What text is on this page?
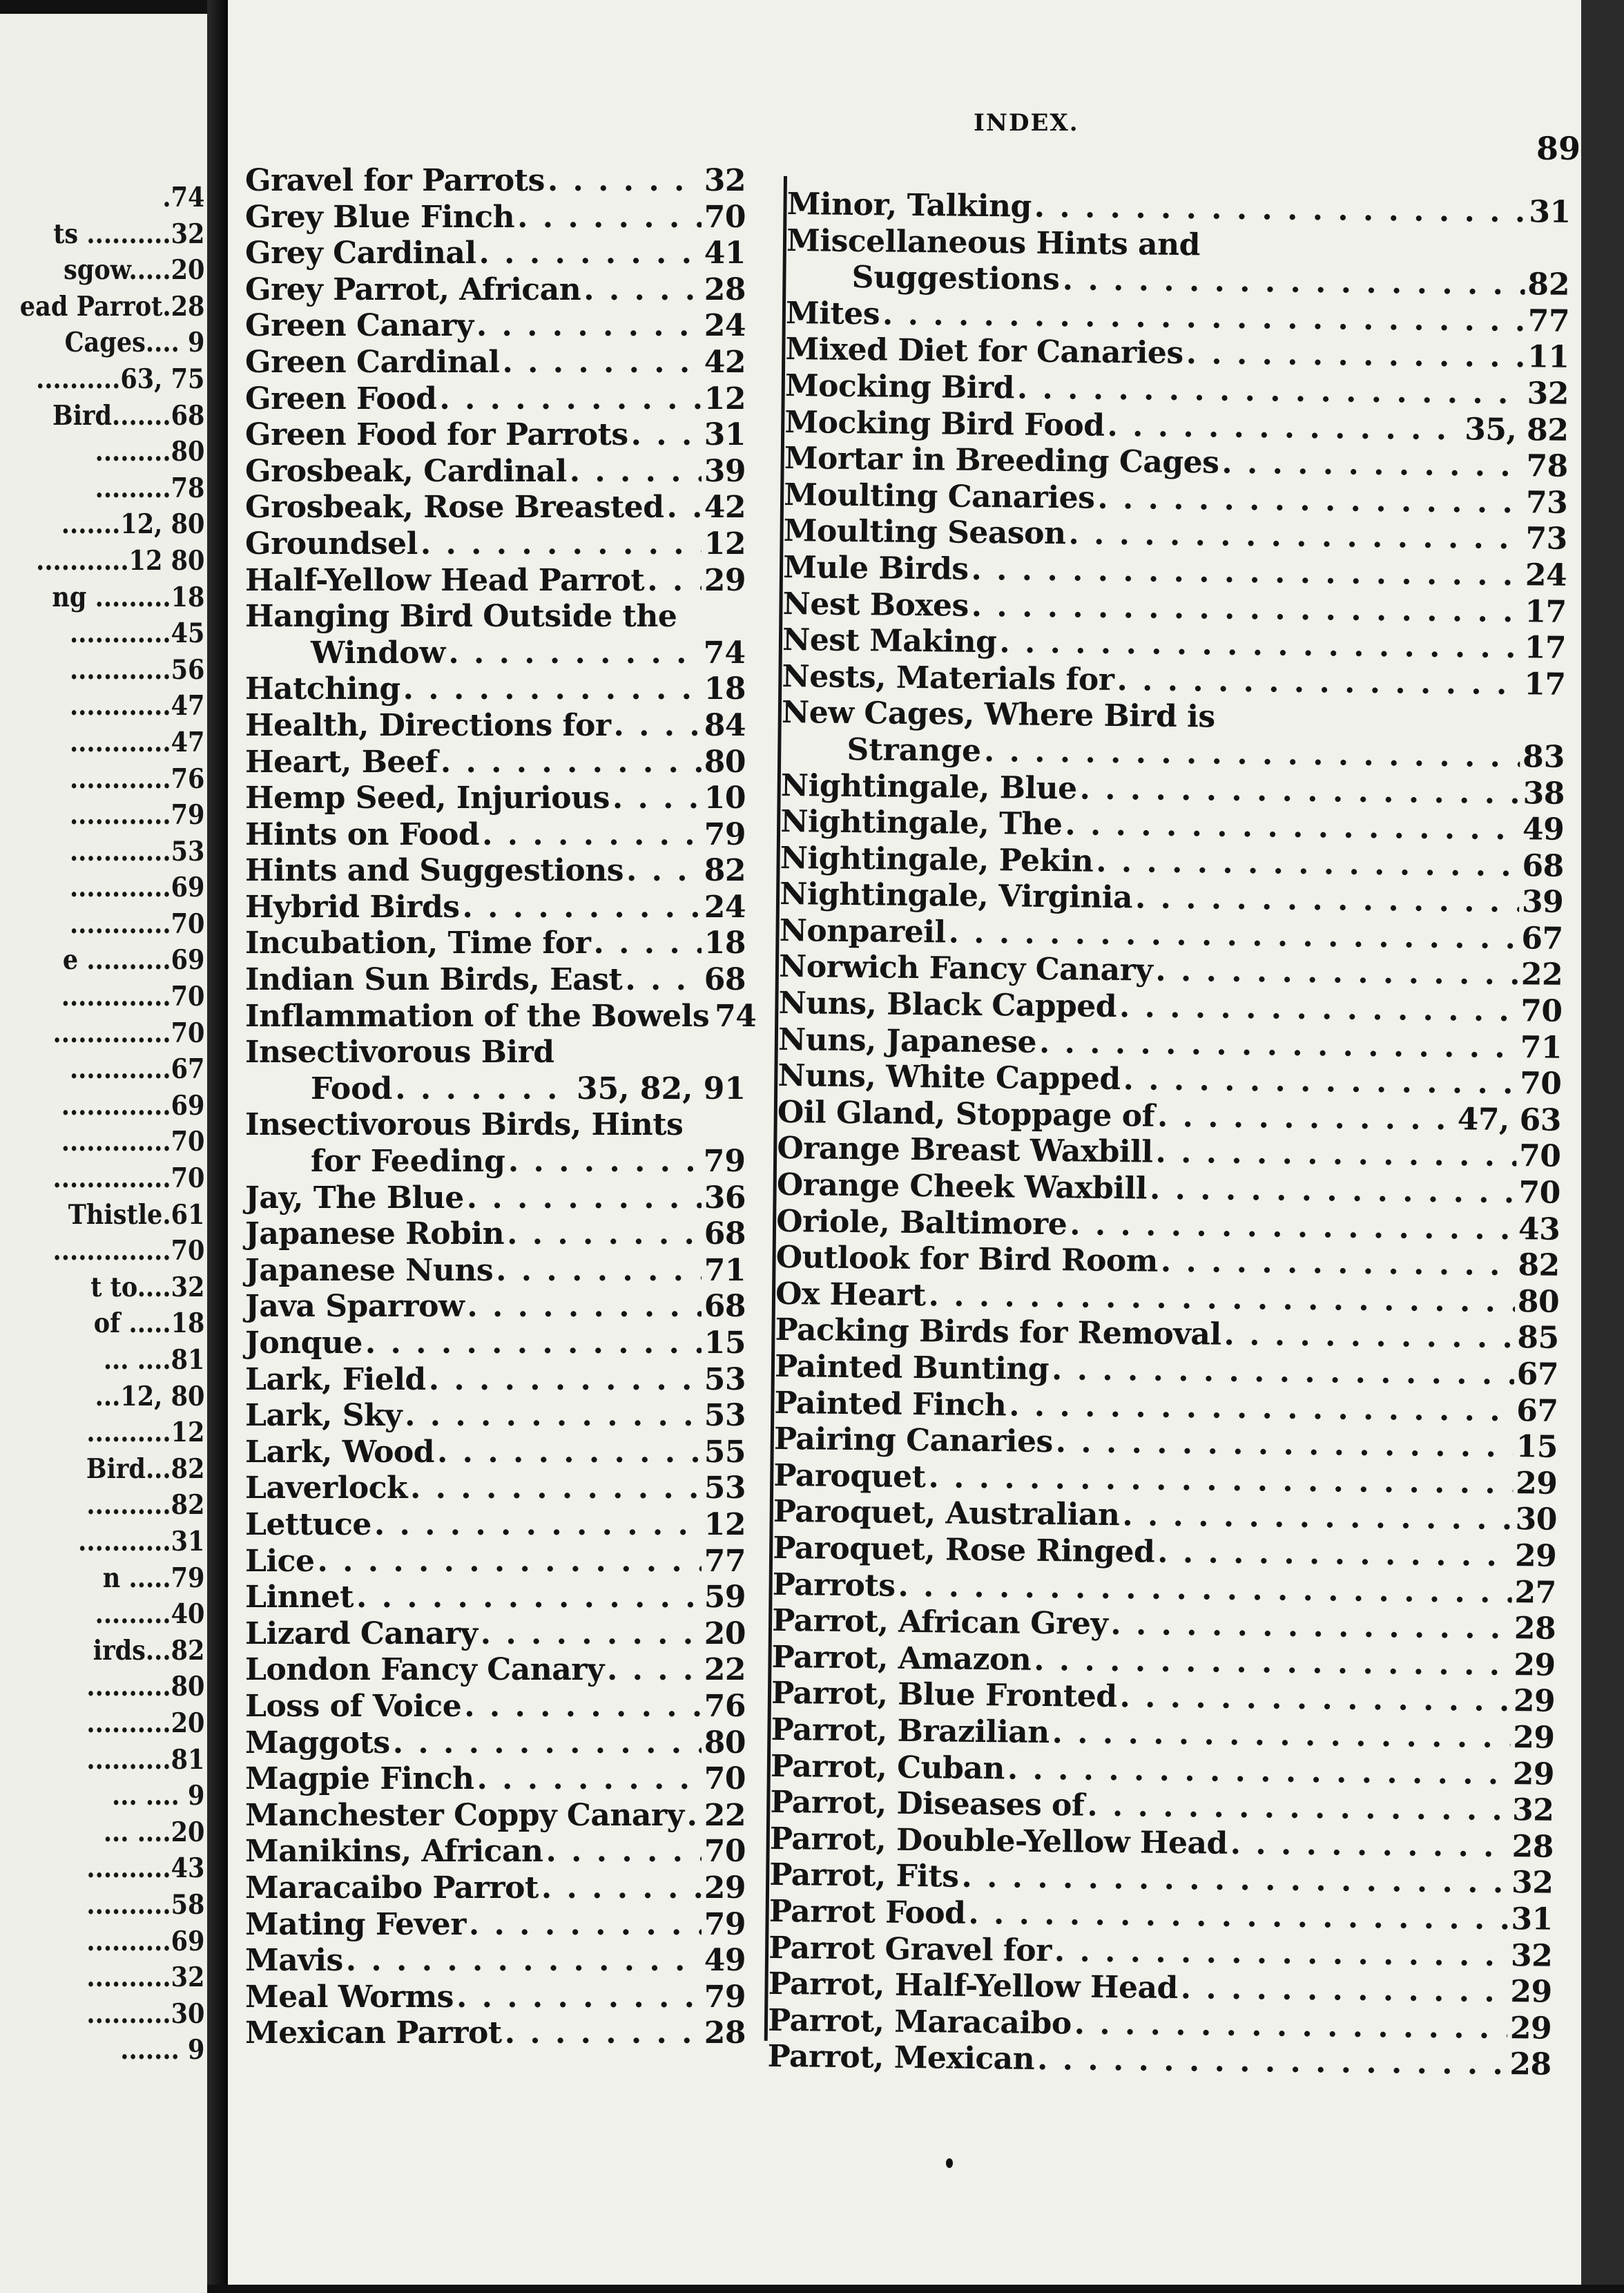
.74
ts ..........32
sgow.....20
ead Parrot.28
Cages.... 9
..........63, 75
Bird.......68
.........80
.........78
.......12, 80
...........12 80
ng .........18
............45
............56
............47
............47
............76
............79
............53
............69
............70
e ..........69
.............70
..............70
............67
.............69
.............70
..............70
Thistle.61
..............70
t to....32
of .....18
... ....81
...12, 80
..........12
Bird...82
..........82
...........31
n .....79
.........40
irds...82
..........80
..........20
..........81
... .... 9
... ....20
..........43
..........58
..........69
..........32
..........30
....... 9
INDEX.
89
Gravel for Parrots . . .	32
Grey Blue Finch . . .	70
Grey Cardinal . . .	41
Grey Parrot, African . . .	28
Green Canary . . .	24
Green Cardinal . . .	42
Green Food . . .	12
Green Food for Parrots . . .	31
Grosbeak, Cardinal . . .	39
Grosbeak, Rose Breasted . . . 42
Groundsel . . .	12
Half-Yellow Head Parrot . . . 29
Hanging Bird Outside the
Window . . .	74
Hatching . . .	18
Health, Directions for . . .	84
Heart, Beef . . .	80
Hemp Seed, Injurious . . .	10
Hints on Food . . .	79
Hints and Suggestions . . .	82
Hybrid Birds . . .	24
Incubation, Time for . . .	18
Indian Sun Birds, East . . .	68
Inflammation of the Bowels 74
Insectivorous Bird
Food . . .	35, 82, 91
Insectivorous Birds, Hints
for Feeding . . .	79
Jay, The Blue . . .	36
Japanese Robin . . .	68
Japanese Nuns . . .	71
Java Sparrow . . .	68
Jonque . . .	15
Lark, Field . . .	53
Lark, Sky . . .	53
Lark, Wood . . .	55
Laverlock . . .	53
Lettuce . . .	12
Lice . . .	77
Linnet . . .	59
Lizard Canary . . .	20
London Fancy Canary . . .	22
Loss of Voice . . .	76
Maggots . . .	80
Magpie Finch . . .	70
Manchester Coppy Canary . . . 22
Manikins, African . . .	70
Maracaibo Parrot . . .	29
Mating Fever . . .	79
Mavis . . .	49
Meal Worms . . .	79
Mexican Parrot . . .	28
Minor, Talking . . .	31
Miscellaneous Hints and
Suggestions . . .	82
Mites . . .	77
Mixed Diet for Canaries . . .	11
Mocking Bird . . .	32
Mocking Bird Food . . .	35, 82
Mortar in Breeding Cages . . .	78
Moulting Canaries . . .	73
Moulting Season . . .	73
Mule Birds . . .	24
Nest Boxes . . .	17
Nest Making . . .	17
Nests, Materials for . . .	17
New Cages, Where Bird is
Strange . . .	83
Nightingale, Blue . . .	38
Nightingale, The . . .	49
Nightingale, Pekin . . .	68
Nightingale, Virginia . . .	39
Nonpareil . . .	67
Norwich Fancy Canary . . .	22
Nuns, Black Capped . . .	70
Nuns, Japanese . . .	71
Nuns, White Capped . . .	70
Oil Gland, Stoppage of . . .	47, 63
Orange Breast Waxbill . . .	70
Orange Cheek Waxbill . . .	70
Oriole, Baltimore . . .	43
Outlook for Bird Room . . .	82
Ox Heart . . .	80
Packing Birds for Removal . . .	85
Painted Bunting . . .	67
Painted Finch . . .	67
Pairing Canaries . . .	15
Paroquet . . .	29
Paroquet, Australian . . .	30
Paroquet, Rose Ringed . . .	29
Parrots . . .	27
Parrot, African Grey . . .	28
Parrot, Amazon . . .	29
Parrot, Blue Fronted . . .	29
Parrot, Brazilian . . .	29
Parrot, Cuban . . .	29
Parrot, Diseases of . . .	32
Parrot, Double-Yellow Head . . .	28
Parrot, Fits . . .	32
Parrot Food . . .	31
Parrot Gravel for . . .	32
Parrot, Half-Yellow Head . . .	29
Parrot, Maracaibo . . .	29
Parrot, Mexican . . .	28
